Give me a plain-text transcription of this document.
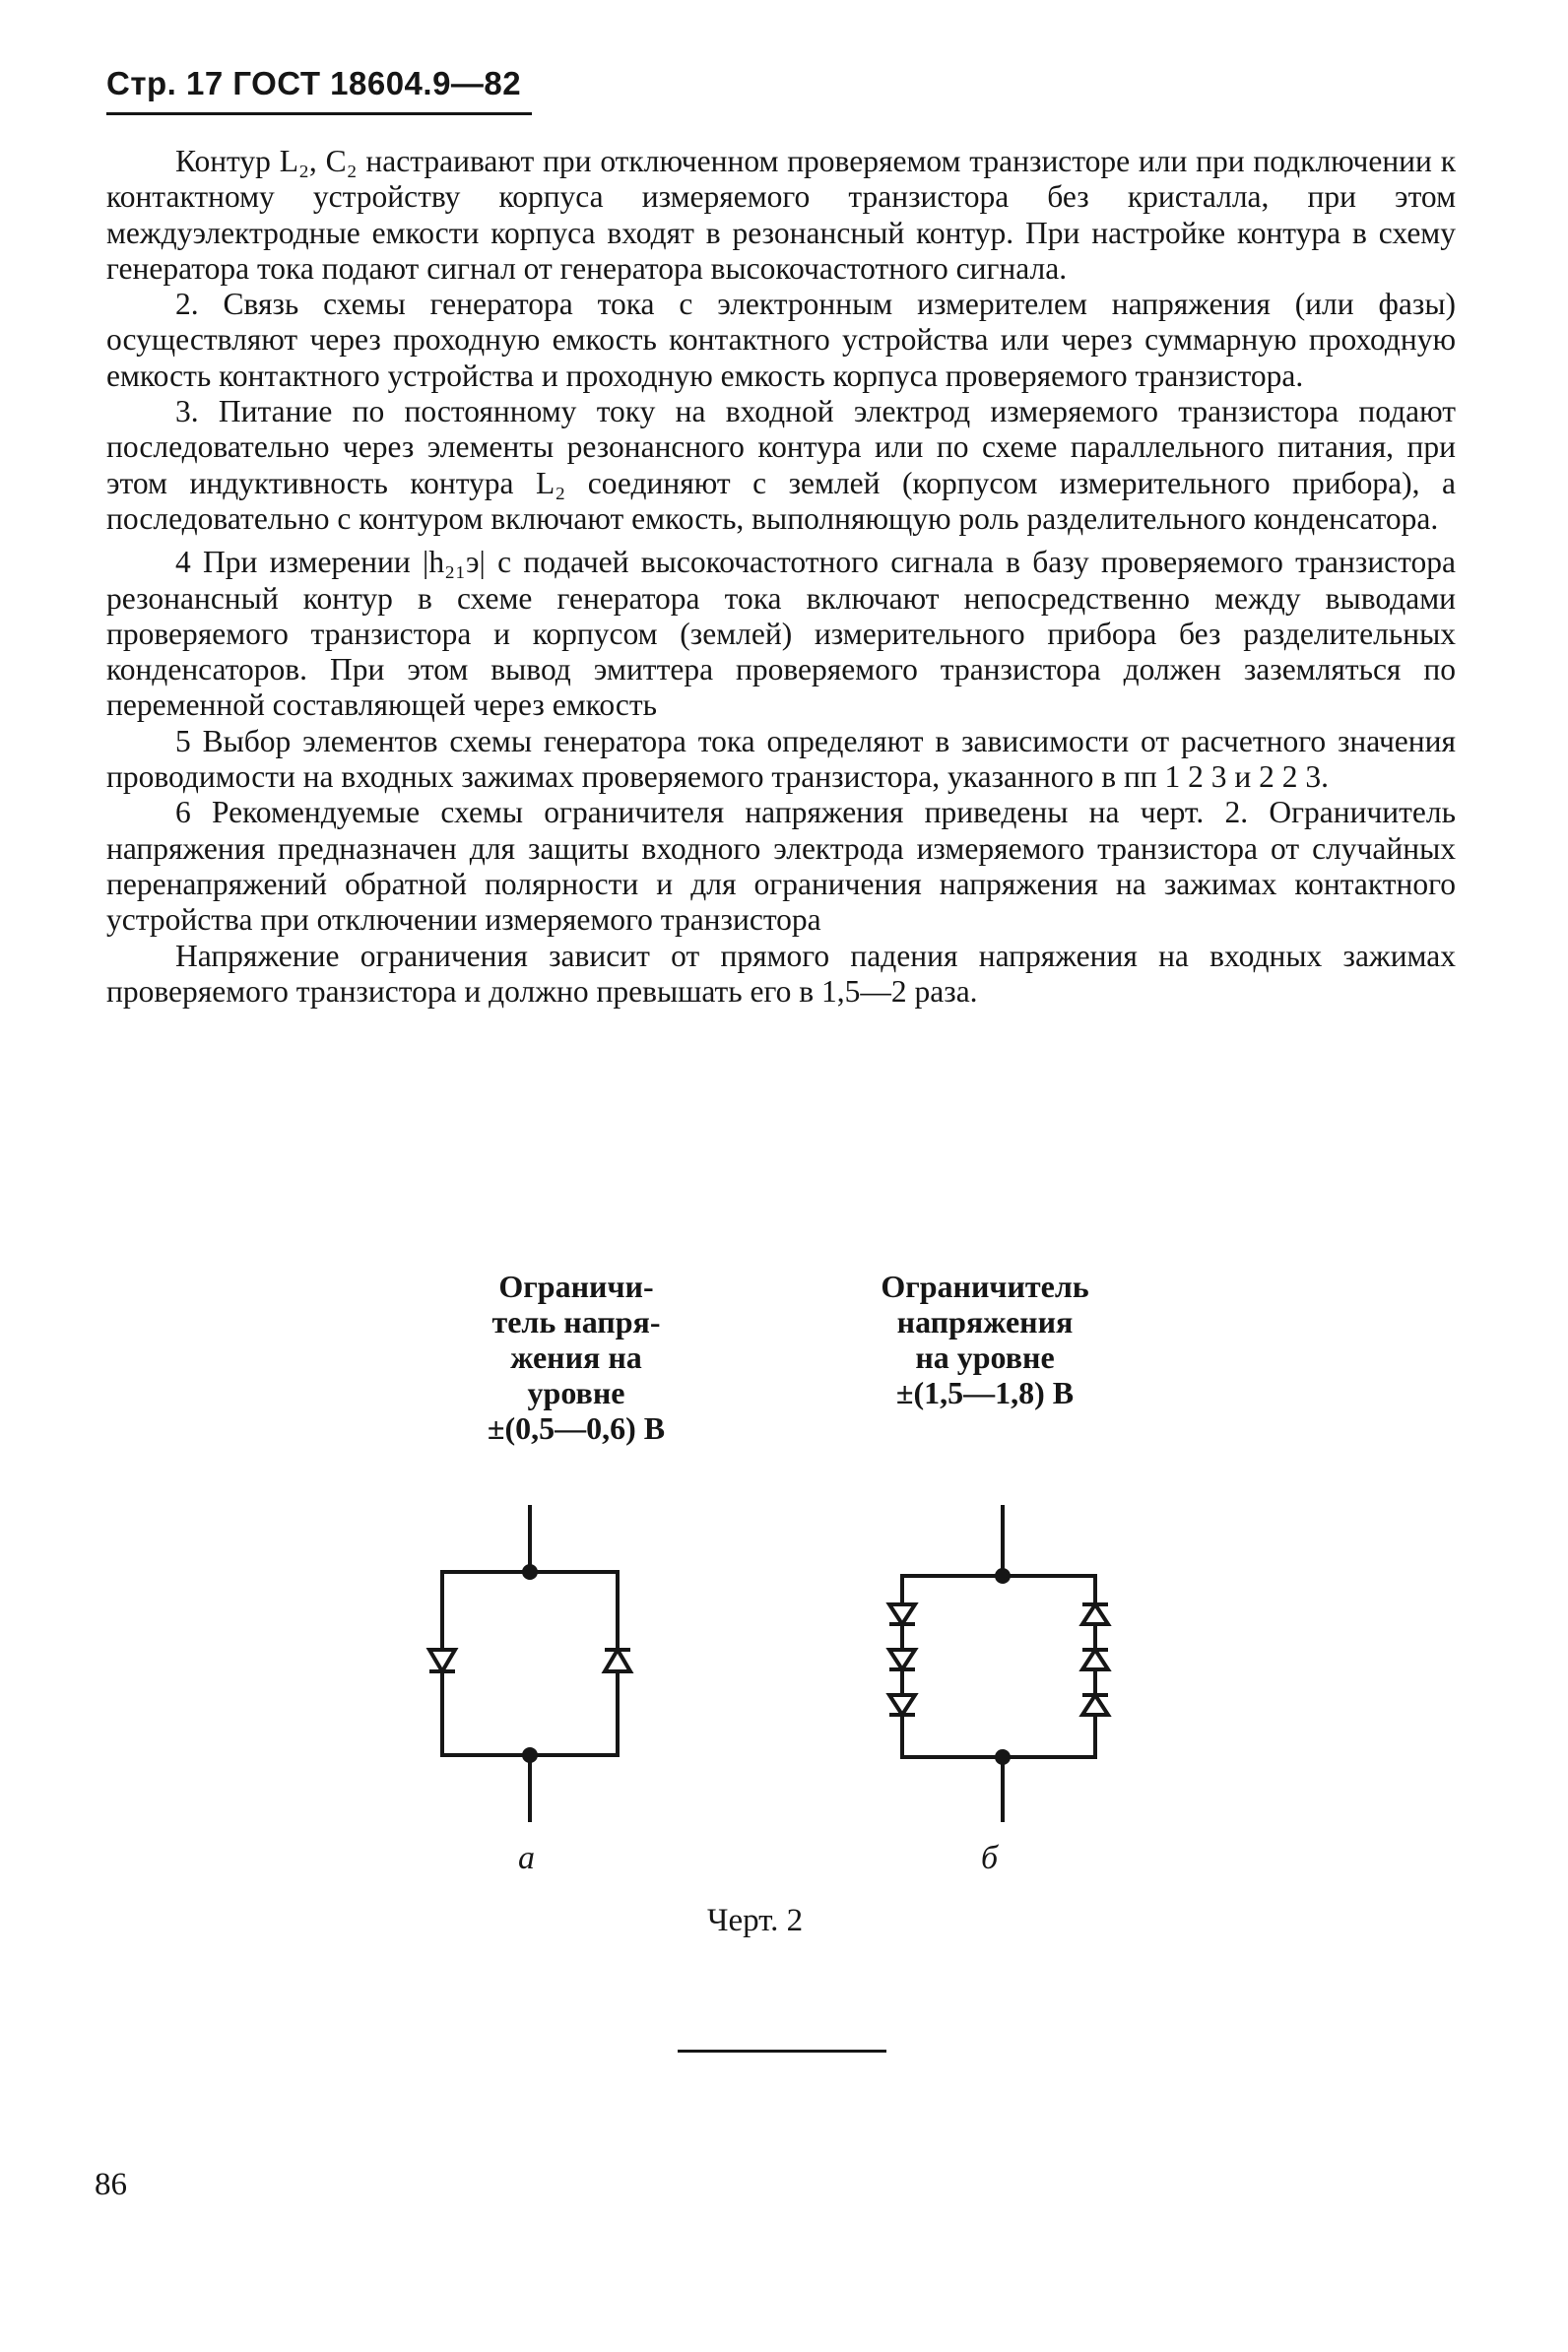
Стр. 17 ГОСТ 18604.9—82

Контур L₂, C₂ настраивают при отключенном проверяемом транзисторе или при подключении к контактному устройству корпуса измеряемого транзистора без кристалла, при этом междуэлектродные емкости корпуса входят в резонансный контур. При настройке контура в схему генератора тока подают сигнал от генератора высокочастотного сигнала.

2. Связь схемы генератора тока с электронным измерителем напряжения (или фазы) осуществляют через проходную емкость контактного устройства или через суммарную проходную емкость контактного устройства и проходную емкость корпуса проверяемого транзистора.

3. Питание по постоянному току на входной электрод измеряемого транзистора подают последовательно через элементы резонансного контура или по схеме параллельного питания, при этом индуктивность контура L₂ соединяют с землей (корпусом измерительного прибора), а последовательно с контуром включают емкость, выполняющую роль разделительного конденсатора.

4 При измерении |h₂₁э| с подачей высокочастотного сигнала в базу проверяемого транзистора резонансный контур в схеме генератора тока включают непосредственно между выводами проверяемого транзистора и корпусом (землей) измерительного прибора без разделительных конденсаторов. При этом вывод эмиттера проверяемого транзистора должен заземляться по переменной составляющей через емкость

5 Выбор элементов схемы генератора тока определяют в зависимости от расчетного значения проводимости на входных зажимах проверяемого транзистора, указанного в пп 1 2 3 и 2 2 3.

6 Рекомендуемые схемы ограничителя напряжения приведены на черт. 2. Ограничитель напряжения предназначен для защиты входного электрода измеряемого транзистора от случайных перенапряжений обратной полярности и для ограничения напряжения на зажимах контактного устройства при отключении измеряемого транзистора

Напряжение ограничения зависит от прямого падения напряжения на входных зажимах проверяемого транзистора и должно превышать его в 1,5—2 раза.

Ограничи-
тель напря-
жения на
уровне
±(0,5—0,6) В
Ограничитель
напряжения
на уровне
±(1,5—1,8) В
а	б
Черт. 2
86
